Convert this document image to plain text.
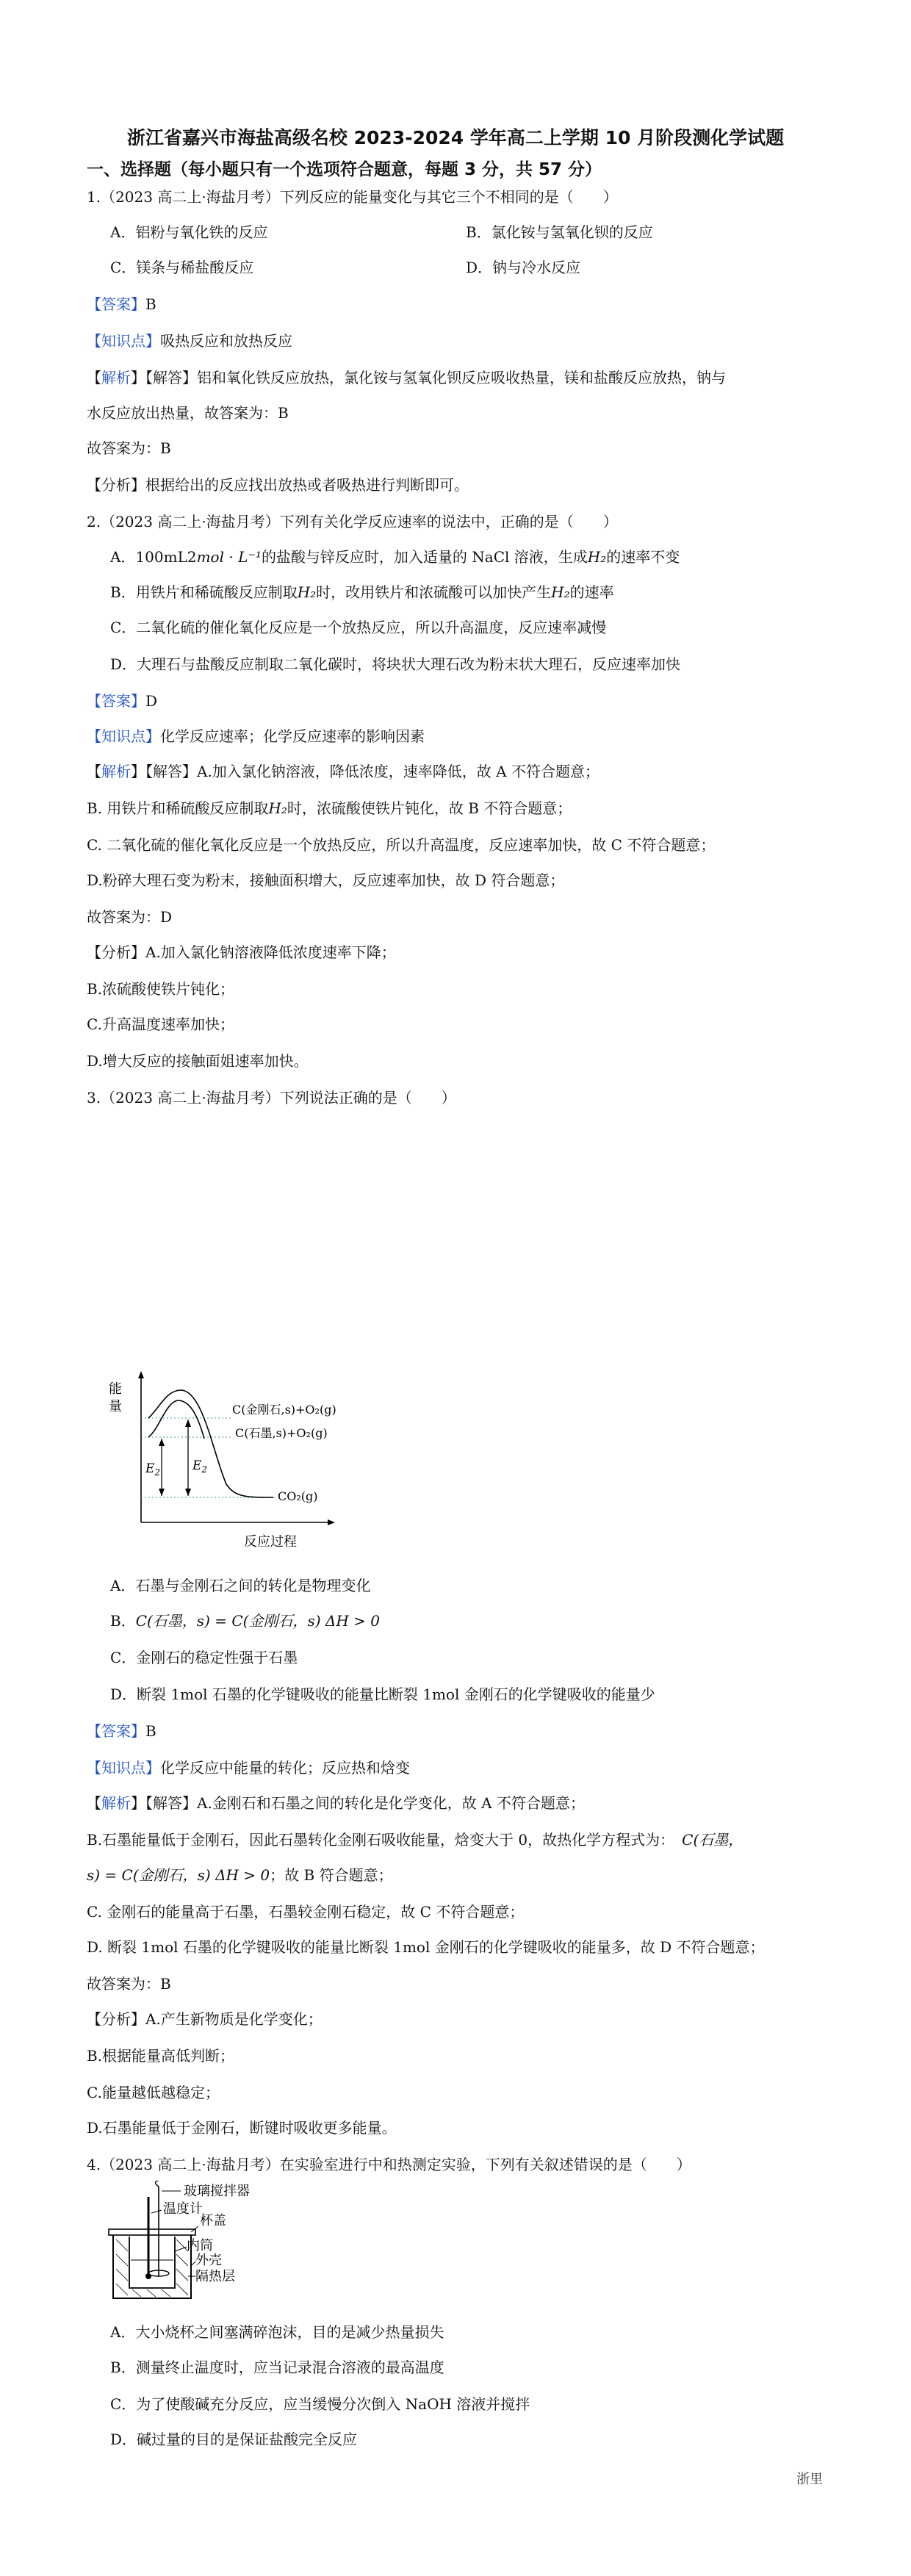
浙江省嘉兴市海盐高级名校 2023-2024 学年高二上学期 10 月阶段测化学试题
一、选择题（每小题只有一个选项符合题意，每题 3 分，共 57 分）
1.（2023 高二上·海盐月考）下列反应的能量变化与其它三个不相同的是（　　）
A．铝粉与氧化铁的反应	B．氯化铵与氢氧化钡的反应
C．镁条与稀盐酸反应	D．钠与冷水反应
【答案】B
【知识点】吸热反应和放热反应
【解析】【解答】铝和氧化铁反应放热，氯化铵与氢氧化钡反应吸收热量，镁和盐酸反应放热，钠与
水反应放出热量，故答案为：B
故答案为：B
【分析】根据给出的反应找出放热或者吸热进行判断即可。
2.（2023 高二上·海盐月考）下列有关化学反应速率的说法中，正确的是（　　）
A．100mL2mol · L⁻¹的盐酸与锌反应时，加入适量的 NaCl 溶液，生成H₂的速率不变
B．用铁片和稀硫酸反应制取H₂时，改用铁片和浓硫酸可以加快产生H₂的速率
C．二氧化硫的催化氧化反应是一个放热反应，所以升高温度，反应速率减慢
D．大理石与盐酸反应制取二氧化碳时，将块状大理石改为粉末状大理石，反应速率加快
【答案】D
【知识点】化学反应速率；化学反应速率的影响因素
【解析】【解答】A.加入氯化钠溶液，降低浓度，速率降低，故 A 不符合题意；
B. 用铁片和稀硫酸反应制取H₂时，浓硫酸使铁片钝化，故 B 不符合题意；
C. 二氧化硫的催化氧化反应是一个放热反应，所以升高温度，反应速率加快，故 C 不符合题意；
D.粉碎大理石变为粉末，接触面积增大，反应速率加快，故 D 符合题意；
故答案为：D
【分析】A.加入氯化钠溶液降低浓度速率下降；
B.浓硫酸使铁片钝化；
C.升高温度速率加快；
D.增大反应的接触面姐速率加快。
3.（2023 高二上·海盐月考）下列说法正确的是（　　）
能
量
反应过程
$E_2$	$E_2$
C(金刚石,s)+O₂(g)
C(石墨,s)+O₂(g)
CO₂(g)
A．石墨与金刚石之间的转化是物理变化
B．C(石墨，s) = C(金刚石，s) ΔH > 0
C．金刚石的稳定性强于石墨
D．断裂 1mol 石墨的化学键吸收的能量比断裂 1mol 金刚石的化学键吸收的能量少
【答案】B
【知识点】化学反应中能量的转化；反应热和焓变
【解析】【解答】A.金刚石和石墨之间的转化是化学变化，故 A 不符合题意；
B.石墨能量低于金刚石，因此石墨转化金刚石吸收能量，焓变大于 0，故热化学方程式为：　 C(石墨，
s) = C(金刚石，s) ΔH > 0；故 B 符合题意；
C. 金刚石的能量高于石墨，石墨较金刚石稳定，故 C 不符合题意；
D. 断裂 1mol 石墨的化学键吸收的能量比断裂 1mol 金刚石的化学键吸收的能量多，故 D 不符合题意；
故答案为：B
【分析】A.产生新物质是化学变化；
B.根据能量高低判断；
C.能量越低越稳定；
D.石墨能量低于金刚石，断键时吸收更多能量。
4.（2023 高二上·海盐月考）在实验室进行中和热测定实验，下列有关叙述错误的是（　　）
玻璃搅拌器
温度计
杯盖
内筒
外壳
隔热层
A．大小烧杯之间塞满碎泡沫，目的是减少热量损失
B．测量终止温度时，应当记录混合溶液的最高温度
C．为了使酸碱充分反应，应当缓慢分次倒入 NaOH 溶液并搅拌
D．碱过量的目的是保证盐酸完全反应
浙里
